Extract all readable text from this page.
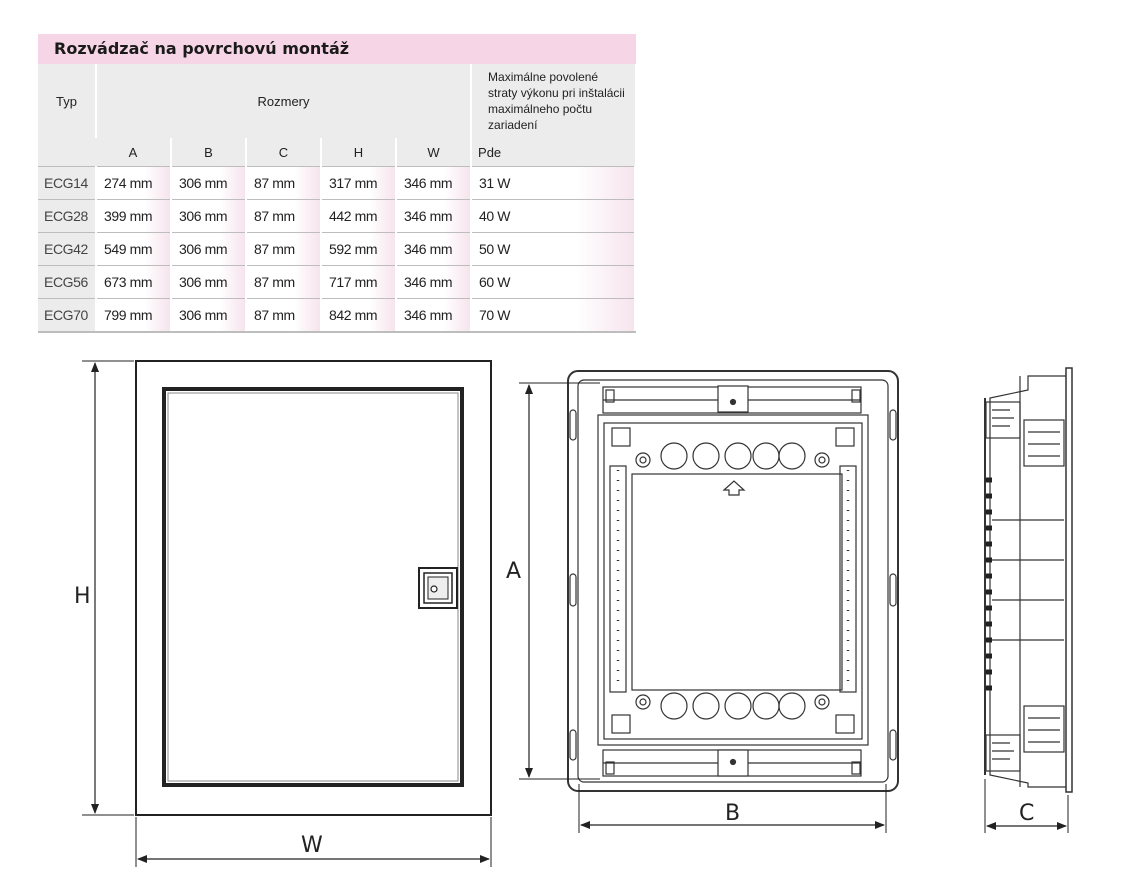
Rozvádzač na povrchovú montáž
Typ	Rozmery					Maximálne povolené straty výkonu pri inštalácii maximálneho počtu zariadení
	A	B	C	H	W	Pde
ECG14	274 mm	306 mm	87 mm	317 mm	346 mm	31 W
ECG28	399 mm	306 mm	87 mm	442 mm	346 mm	40 W
ECG42	549 mm	306 mm	87 mm	592 mm	346 mm	50 W
ECG56	673 mm	306 mm	87 mm	717 mm	346 mm	60 W
ECG70	799 mm	306 mm	87 mm	842 mm	346 mm	70 W
H
W
A
B	C
